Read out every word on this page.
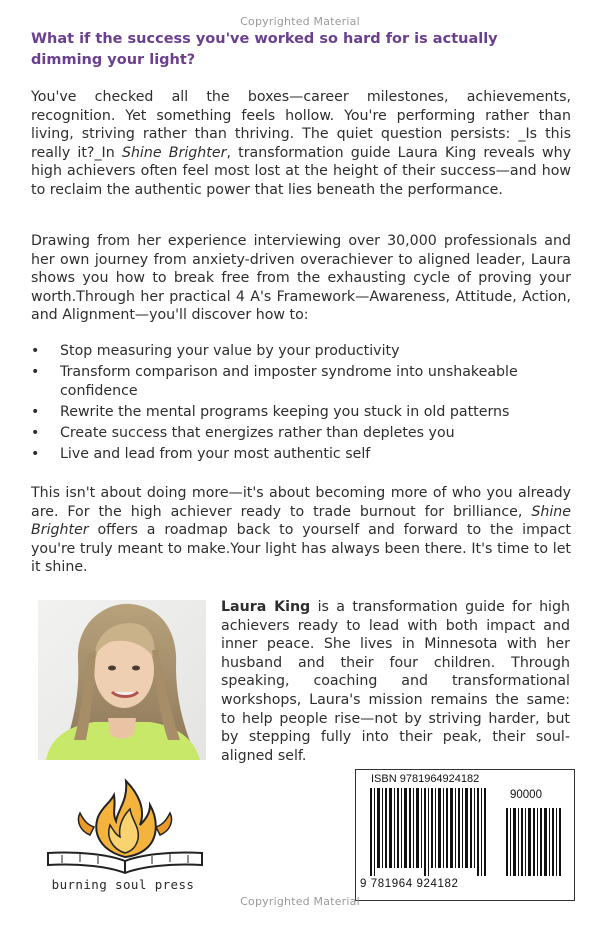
Copyrighted Material
What if the success you've worked so hard for is actually dimming your light?
You've checked all the boxes—career milestones, achievements, recognition. Yet something feels hollow. You're performing rather than living, striving rather than thriving. The quiet question persists: _Is this really it?_In Shine Brighter, transformation guide Laura King reveals why high achievers often feel most lost at the height of their success—and how to reclaim the authentic power that lies beneath the performance.
Drawing from her experience interviewing over 30,000 professionals and her own journey from anxiety-driven overachiever to aligned leader, Laura shows you how to break free from the exhausting cycle of proving your worth.Through her practical 4 A's Framework—Awareness, Attitude, Action, and Alignment—you'll discover how to:
• Stop measuring your value by your productivity
• Transform comparison and imposter syndrome into unshakeable confidence
• Rewrite the mental programs keeping you stuck in old patterns
• Create success that energizes rather than depletes you
• Live and lead from your most authentic self
This isn't about doing more—it's about becoming more of who you already are. For the high achiever ready to trade burnout for brilliance, Shine Brighter offers a roadmap back to yourself and forward to the impact you're truly meant to make.Your light has always been there. It's time to let it shine.
Laura King is a transformation guide for high achievers ready to lead with both impact and inner peace. She lives in Minnesota with her husband and their four children. Through speaking, coaching and transformational workshops, Laura's mission remains the same: to help people rise—not by striving harder, but by stepping fully into their peak, their soul-aligned self.
burning soul press
ISBN 9781964924182
90000
9 781964 924182
Copyrighted Material
